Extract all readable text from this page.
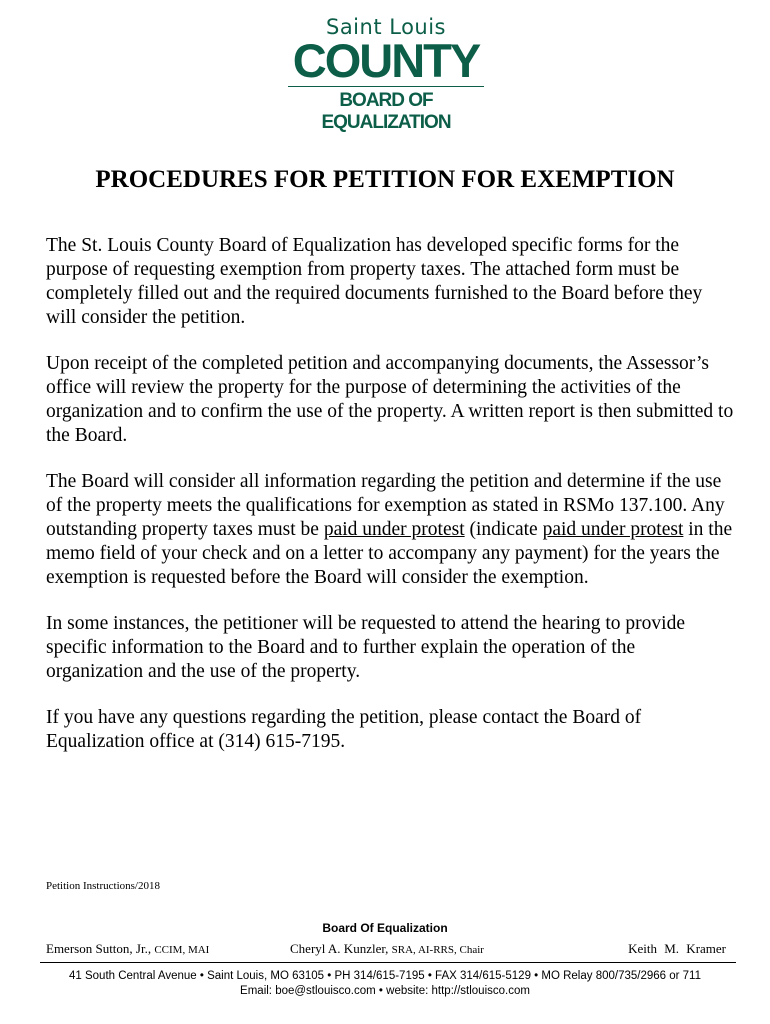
Saint Louis
COUNTY
BOARD OF EQUALIZATION
PROCEDURES FOR PETITION FOR EXEMPTION

The St. Louis County Board of Equalization has developed specific forms for the purpose of requesting exemption from property taxes. The attached form must be completely filled out and the required documents furnished to the Board before they will consider the petition.

Upon receipt of the completed petition and accompanying documents, the Assessor’s office will review the property for the purpose of determining the activities of the organization and to confirm the use of the property. A written report is then submitted to the Board.

The Board will consider all information regarding the petition and determine if the use of the property meets the qualifications for exemption as stated in RSMo 137.100. Any outstanding property taxes must be paid under protest (indicate paid under protest in the memo field of your check and on a letter to accompany any payment) for the years the exemption is requested before the Board will consider the exemption.

In some instances, the petitioner will be requested to attend the hearing to provide specific information to the Board and to further explain the operation of the organization and the use of the property.

If you have any questions regarding the petition, please contact the Board of Equalization office at (314) 615-7195.

Petition Instructions/2018
Board Of Equalization
Emerson Sutton, Jr., CCIM, MAI	Cheryl A. Kunzler, SRA, AI-RRS, Chair	Keith M. Kramer
41 South Central Avenue • Saint Louis, MO 63105 • PH 314/615-7195 • FAX 314/615-5129 • MO Relay 800/735/2966 or 711
Email: boe@stlouisco.com • website: http://stlouisco.com
